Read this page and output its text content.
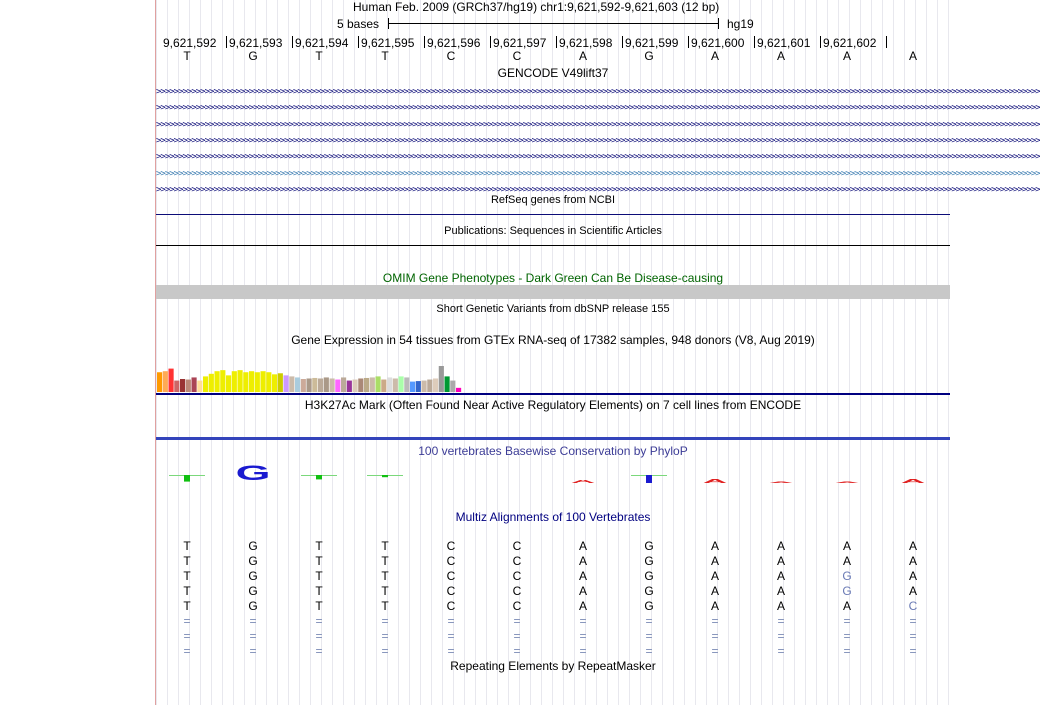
Human Feb. 2009 (GRCh37/hg19) chr1:9,621,592-9,621,603 (12 bp)
5 bases	hg19
9,621,592 9,621,593 9,621,594 9,621,595 9,621,596 9,621,597 9,621,598 9,621,599 9,621,600 9,621,601 9,621,602
T	G	T	T	C	C	A	G	A	A	A	A
GENCODE V49lift37
>>>>>>>>>>>>>>>>>>>>>>>>>>>>>>>>>>>>>>>>>>>>>>>>>>>>>>>>>>>>>>>>>>>>>>>>>>>>>>>>>>>>>>>>>>>>>>>>>>>>>>>>>>>>>>>>>>>>>>>>>>>>>>>>>>>>>>>>>>>>>>>>>>>>>>>>>>>>>>>>>>>>>>>>>>>>>>>>>>>>>>>>>>>>>>>>>>>>>>>>
>>>>>>>>>>>>>>>>>>>>>>>>>>>>>>>>>>>>>>>>>>>>>>>>>>>>>>>>>>>>>>>>>>>>>>>>>>>>>>>>>>>>>>>>>>>>>>>>>>>>>>>>>>>>>>>>>>>>>>>>>>>>>>>>>>>>>>>>>>>>>>>>>>>>>>>>>>>>>>>>>>>>>>>>>>>>>>>>>>>>>>>>>>>>>>>>>>>>>>>>
>>>>>>>>>>>>>>>>>>>>>>>>>>>>>>>>>>>>>>>>>>>>>>>>>>>>>>>>>>>>>>>>>>>>>>>>>>>>>>>>>>>>>>>>>>>>>>>>>>>>>>>>>>>>>>>>>>>>>>>>>>>>>>>>>>>>>>>>>>>>>>>>>>>>>>>>>>>>>>>>>>>>>>>>>>>>>>>>>>>>>>>>>>>>>>>>>>>>>>>>
>>>>>>>>>>>>>>>>>>>>>>>>>>>>>>>>>>>>>>>>>>>>>>>>>>>>>>>>>>>>>>>>>>>>>>>>>>>>>>>>>>>>>>>>>>>>>>>>>>>>>>>>>>>>>>>>>>>>>>>>>>>>>>>>>>>>>>>>>>>>>>>>>>>>>>>>>>>>>>>>>>>>>>>>>>>>>>>>>>>>>>>>>>>>>>>>>>>>>>>>
>>>>>>>>>>>>>>>>>>>>>>>>>>>>>>>>>>>>>>>>>>>>>>>>>>>>>>>>>>>>>>>>>>>>>>>>>>>>>>>>>>>>>>>>>>>>>>>>>>>>>>>>>>>>>>>>>>>>>>>>>>>>>>>>>>>>>>>>>>>>>>>>>>>>>>>>>>>>>>>>>>>>>>>>>>>>>>>>>>>>>>>>>>>>>>>>>>>>>>>>
>>>>>>>>>>>>>>>>>>>>>>>>>>>>>>>>>>>>>>>>>>>>>>>>>>>>>>>>>>>>>>>>>>>>>>>>>>>>>>>>>>>>>>>>>>>>>>>>>>>>>>>>>>>>>>>>>>>>>>>>>>>>>>>>>>>>>>>>>>>>>>>>>>>>>>>>>>>>>>>>>>>>>>>>>>>>>>>>>>>>>>>>>>>>>>>>>>>>>>>>
>>>>>>>>>>>>>>>>>>>>>>>>>>>>>>>>>>>>>>>>>>>>>>>>>>>>>>>>>>>>>>>>>>>>>>>>>>>>>>>>>>>>>>>>>>>>>>>>>>>>>>>>>>>>>>>>>>>>>>>>>>>>>>>>>>>>>>>>>>>>>>>>>>>>>>>>>>>>>>>>>>>>>>>>>>>>>>>>>>>>>>>>>>>>>>>>>>>>>>>>
RefSeq genes from NCBI
Publications: Sequences in Scientific Articles
OMIM Gene Phenotypes - Dark Green Can Be Disease-causing
Short Genetic Variants from dbSNP release 155
Gene Expression in 54 tissues from GTEx RNA-seq of 17382 samples, 948 donors (V8, Aug 2019)
H3K27Ac Mark (Often Found Near Active Regulatory Elements) on 7 cell lines from ENCODE
100 vertebrates Basewise Conservation by PhyloP
G	A	A	A	A	A
Multiz Alignments of 100 Vertebrates
T	G	T	T	C	C	A	G	A	A	A	A
T	G	T	T	C	C	A	G	A	A	A	A
T	G	T	T	C	C	A	G	A	A	G	A
T	G	T	T	C	C	A	G	A	A	G	A
T	G	T	T	C	C	A	G	A	A	A	C
=	=	=	=	=	=	=	=	=	=	=	=
=	=	=	=	=	=	=	=	=	=	=	=
=	=	=	=	=	=	=	=	=	=	=	=
Repeating Elements by RepeatMasker
